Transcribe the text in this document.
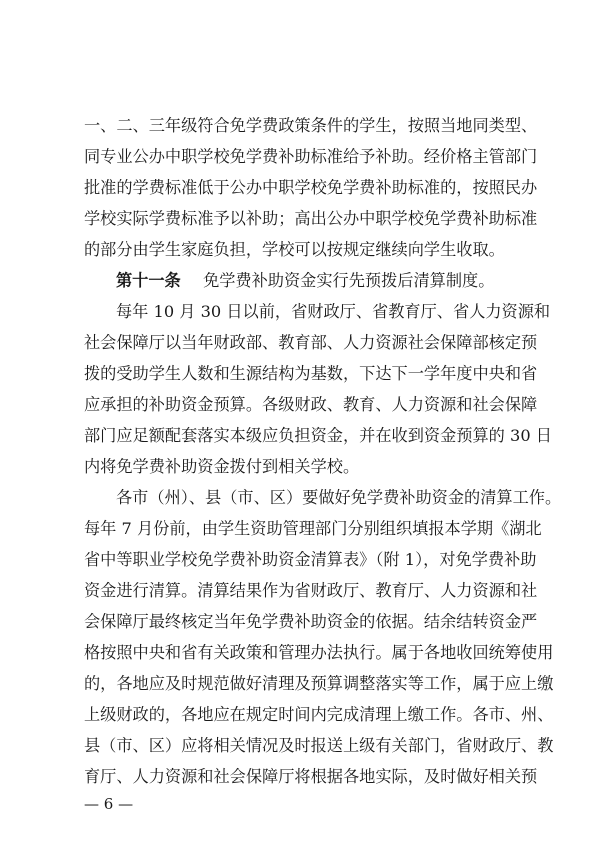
一、二、三年级符合免学费政策条件的学生，按照当地同类型、
同专业公办中职学校免学费补助标准给予补助。经价格主管部门
批准的学费标准低于公办中职学校免学费补助标准的，按照民办
学校实际学费标准予以补助；高出公办中职学校免学费补助标准
的部分由学生家庭负担，学校可以按规定继续向学生收取。
第十一条 免学费补助资金实行先预拨后清算制度。
每年 10 月 30 日以前，省财政厅、省教育厅、省人力资源和
社会保障厅以当年财政部、教育部、人力资源社会保障部核定预
拨的受助学生人数和生源结构为基数，下达下一学年度中央和省
应承担的补助资金预算。各级财政、教育、人力资源和社会保障
部门应足额配套落实本级应负担资金，并在收到资金预算的 30 日
内将免学费补助资金拨付到相关学校。
各市（州）、县（市、区）要做好免学费补助资金的清算工作。
每年 7 月份前，由学生资助管理部门分别组织填报本学期《湖北
省中等职业学校免学费补助资金清算表》（附 1），对免学费补助
资金进行清算。清算结果作为省财政厅、教育厅、人力资源和社
会保障厅最终核定当年免学费补助资金的依据。结余结转资金严
格按照中央和省有关政策和管理办法执行。属于各地收回统筹使用
的，各地应及时规范做好清理及预算调整落实等工作，属于应上缴
上级财政的，各地应在规定时间内完成清理上缴工作。各市、州、
县（市、区）应将相关情况及时报送上级有关部门，省财政厅、教
育厅、人力资源和社会保障厅将根据各地实际，及时做好相关预
— 6 —
